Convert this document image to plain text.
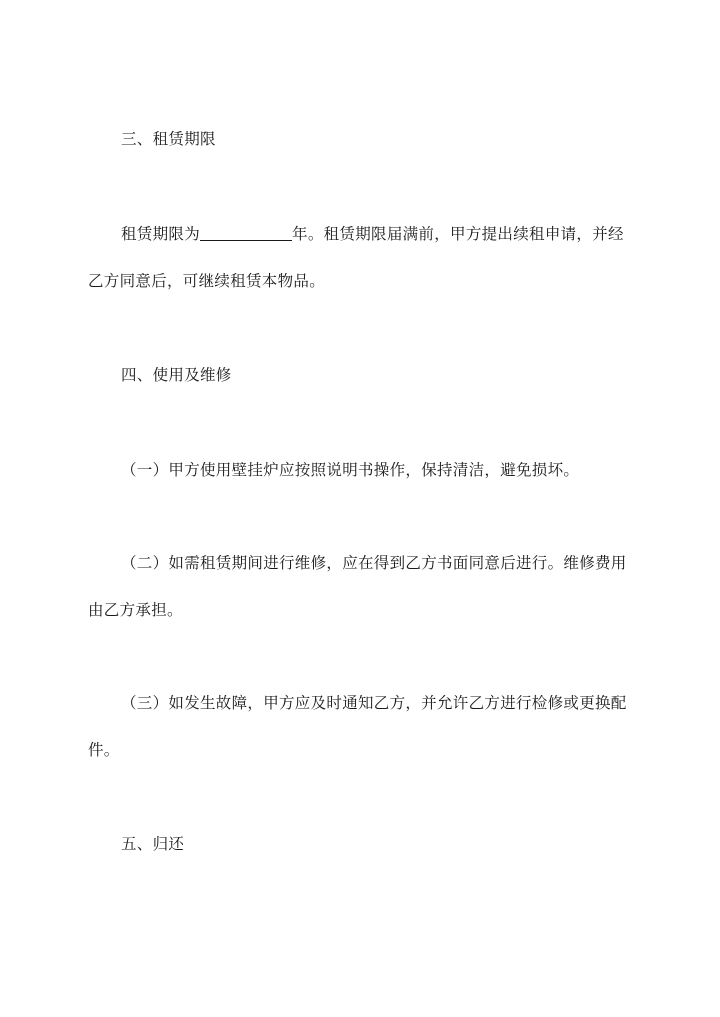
三、租赁期限
租赁期限为	年。租赁期限届满前，甲方提出续租申请，并经乙方同意后，可继续租赁本物品。
四、使用及维修
（一）甲方使用壁挂炉应按照说明书操作，保持清洁，避免损坏。
（二）如需租赁期间进行维修，应在得到乙方书面同意后进行。维修费用由乙方承担。
（三）如发生故障，甲方应及时通知乙方，并允许乙方进行检修或更换配件。
五、归还
